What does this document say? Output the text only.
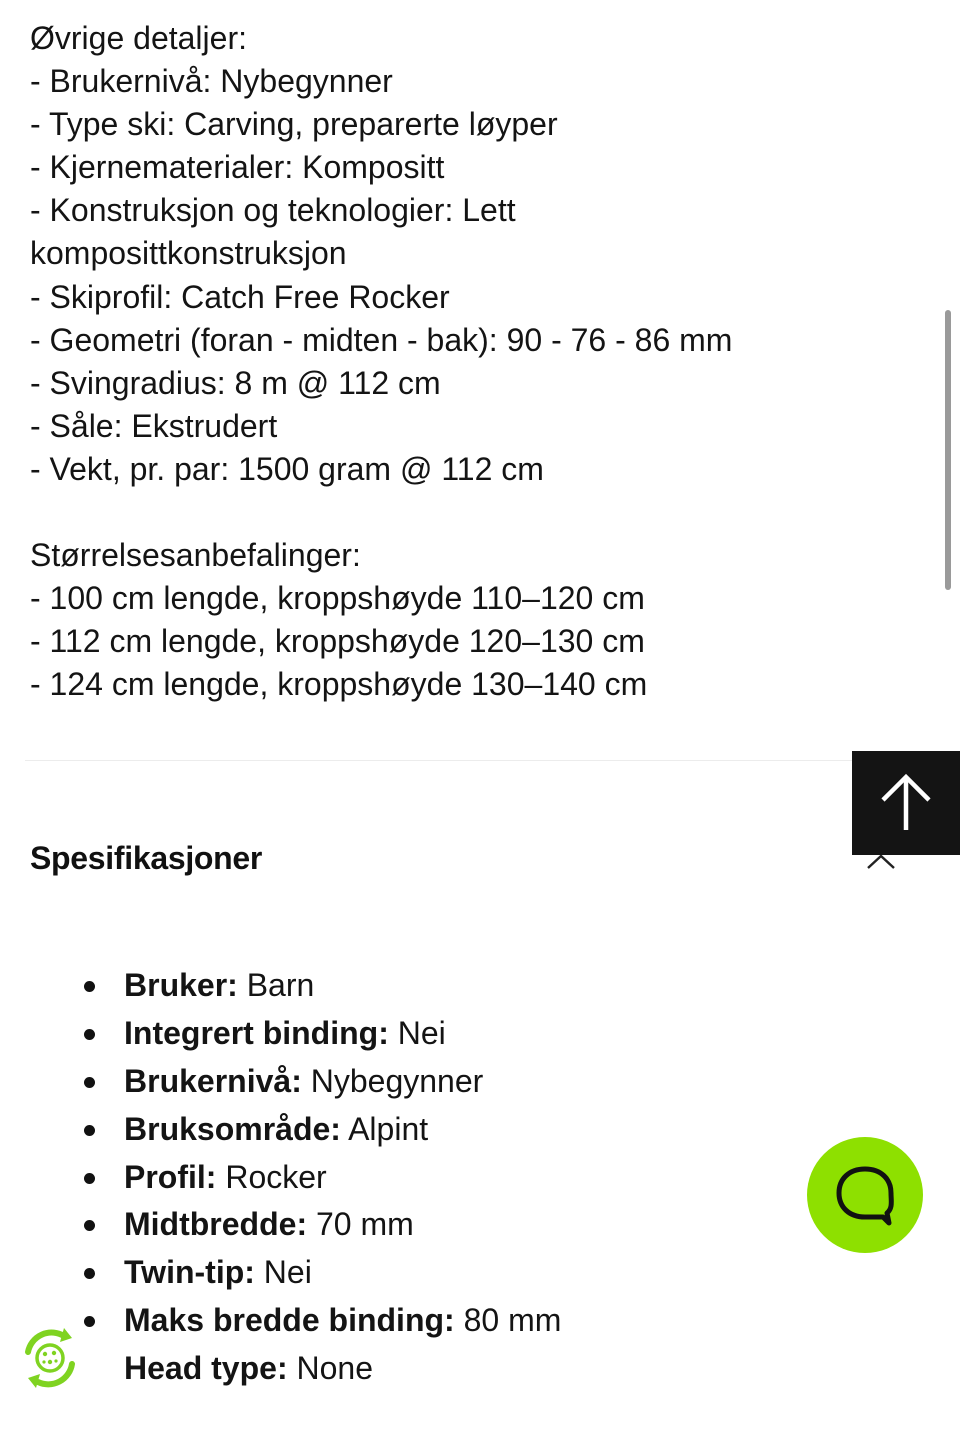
Øvrige detaljer:
- Brukernivå: Nybegynner
- Type ski: Carving, preparerte løyper
- Kjernematerialer: Kompositt
- Konstruksjon og teknologier: Lett
komposittkonstruksjon
- Skiprofil: Catch Free Rocker
- Geometri (foran - midten - bak): 90 - 76 - 86 mm
- Svingradius: 8 m @ 112 cm
- Såle: Ekstrudert
- Vekt, pr. par: 1500 gram @ 112 cm
Størrelsesanbefalinger:
- 100 cm lengde, kroppshøyde 110–120 cm
- 112 cm lengde, kroppshøyde 120–130 cm
- 124 cm lengde, kroppshøyde 130–140 cm
Spesifikasjoner
Bruker: Barn
Integrert binding: Nei
Brukernivå: Nybegynner
Bruksområde: Alpint
Profil: Rocker
Midtbredde: 70 mm
Twin-tip: Nei
Maks bredde binding: 80 mm
Head type: None
